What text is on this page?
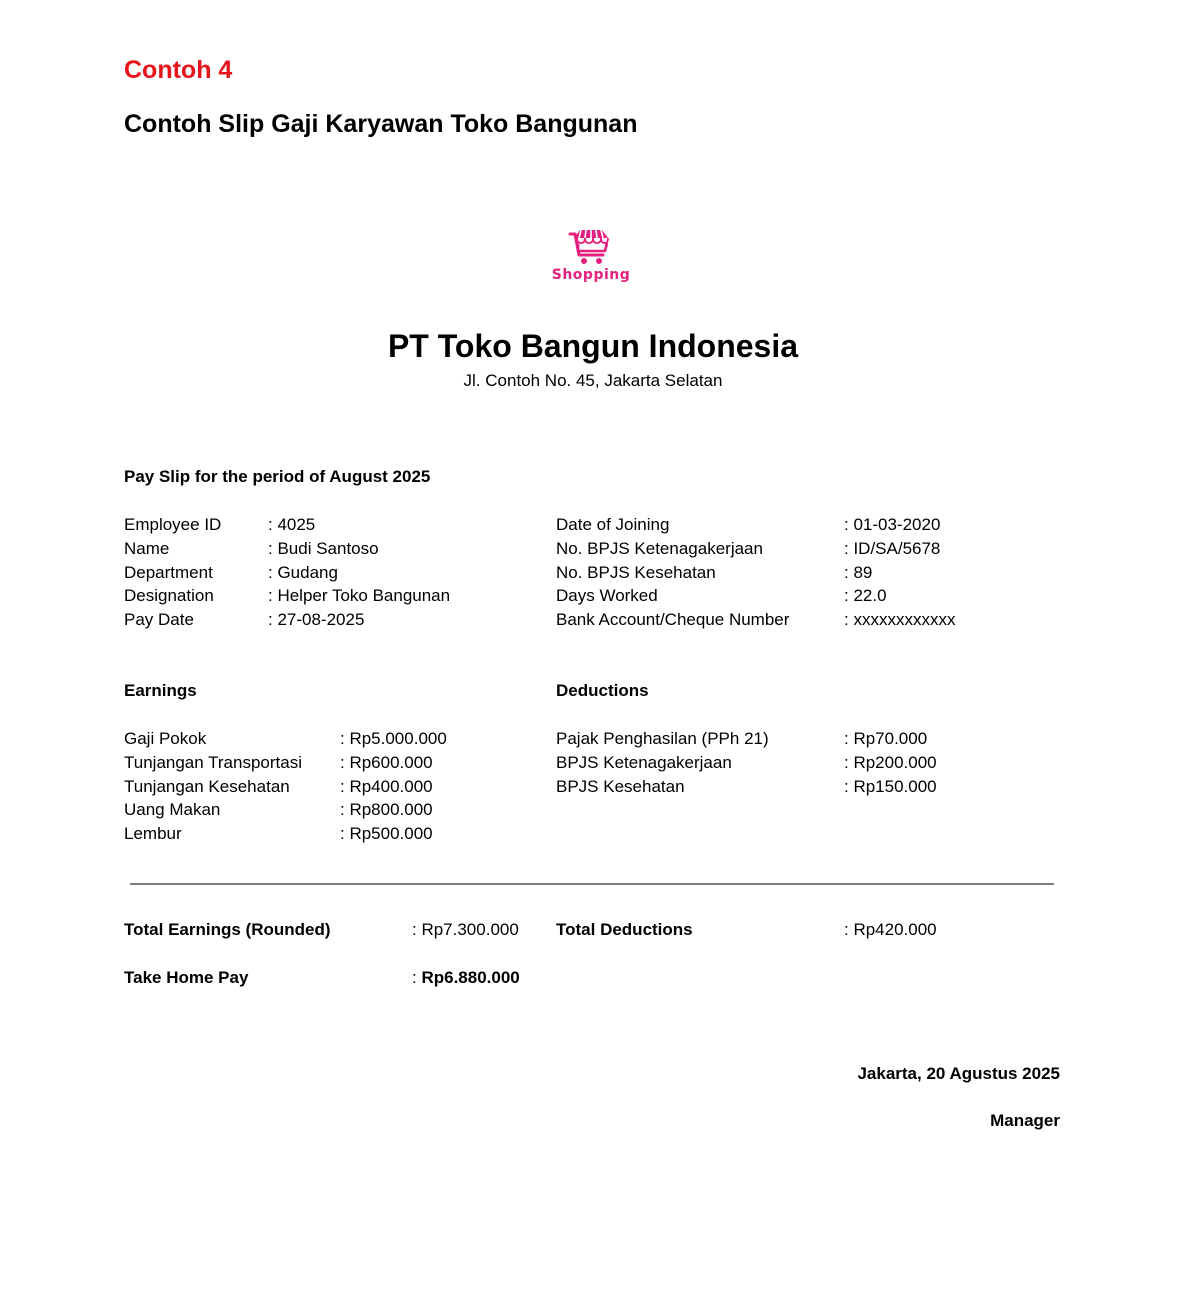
Contoh 4
Contoh Slip Gaji Karyawan Toko Bangunan
Shopping
PT Toko Bangun Indonesia
Jl. Contoh No. 45, Jakarta Selatan
Pay Slip for the period of August 2025
Employee ID	: 4025
Name	: Budi Santoso
Department	: Gudang
Designation	: Helper Toko Bangunan
Pay Date	: 27-08-2025
Date of Joining	: 01-03-2020
No. BPJS Ketenagakerjaan	: ID/SA/5678
No. BPJS Kesehatan	: 89
Days Worked	: 22.0
Bank Account/Cheque Number	: xxxxxxxxxxxx
Earnings	Deductions
Gaji Pokok	: Rp5.000.000
Tunjangan Transportasi : Rp600.000
Tunjangan Kesehatan	: Rp400.000
Uang Makan	: Rp800.000
Lembur	: Rp500.000
Pajak Penghasilan (PPh 21)	: Rp70.000
BPJS Ketenagakerjaan	: Rp200.000
BPJS Kesehatan	: Rp150.000
Total Earnings (Rounded)	: Rp7.300.000 Total Deductions	: Rp420.000
Take Home Pay	: Rp6.880.000
Jakarta, 20 Agustus 2025
Manager
